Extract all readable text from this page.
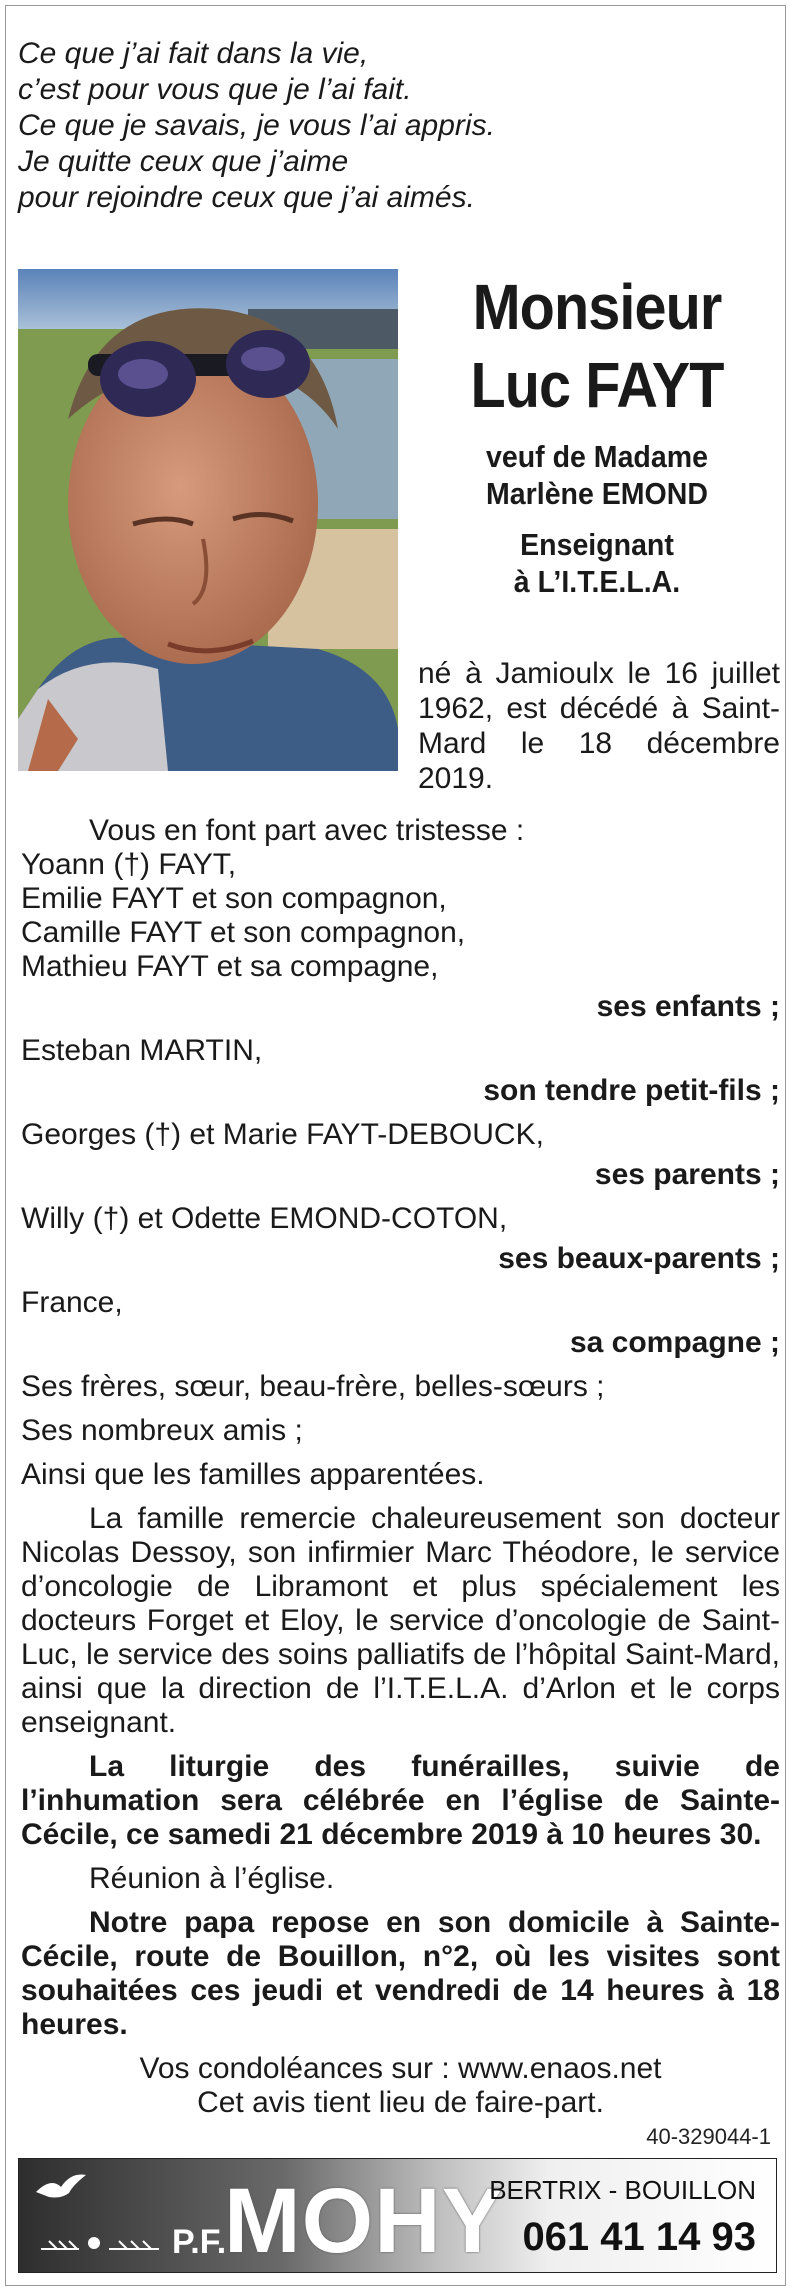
Ce que j’ai fait dans la vie,
c’est pour vous que je l’ai fait.
Ce que je savais, je vous l’ai appris.
Je quitte ceux que j’aime
pour rejoindre ceux que j’ai aimés.
Monsieur
Luc FAYT
veuf de Madame
Marlène EMOND
Enseignant
à L’I.T.E.L.A.
né à Jamioulx le 16 juillet 1962, est décédé à Saint-Mard le 18 décembre 2019.

Vous en font part avec tristesse :

Yoann (†) FAYT,

Emilie FAYT et son compagnon,

Camille FAYT et son compagnon,

Mathieu FAYT et sa compagne,

ses enfants ;

Esteban MARTIN,

son tendre petit-fils ;

Georges (†) et Marie FAYT-DEBOUCK,

ses parents ;

Willy (†) et Odette EMOND-COTON,

ses beaux-parents ;

France,

sa compagne ;

Ses frères, sœur, beau-frère, belles-sœurs ;

Ses nombreux amis ;

Ainsi que les familles apparentées.

La famille remercie chaleureusement son docteur Nicolas Dessoy, son infirmier Marc Théodore, le service d’oncologie de Libramont et plus spécialement les docteurs Forget et Eloy, le service d’oncologie de Saint-Luc, le service des soins palliatifs de l’hôpital Saint-Mard, ainsi que la direction de l’I.T.E.L.A. d’Arlon et le corps enseignant.

La liturgie des funérailles, suivie de l’inhumation sera célébrée en l’église de Sainte-Cécile, ce samedi 21 décembre 2019 à 10 heures 30.

Réunion à l’église.

Notre papa repose en son domicile à Sainte-Cécile, route de Bouillon, n°2, où les visites sont souhaitées ces jeudi et vendredi de 14 heures à 18 heures.

Vos condoléances sur : www.enaos.net

Cet avis tient lieu de faire-part.

40-329044-1
P.F.
MOHY
BERTRIX - BOUILLON
061 41 14 93
